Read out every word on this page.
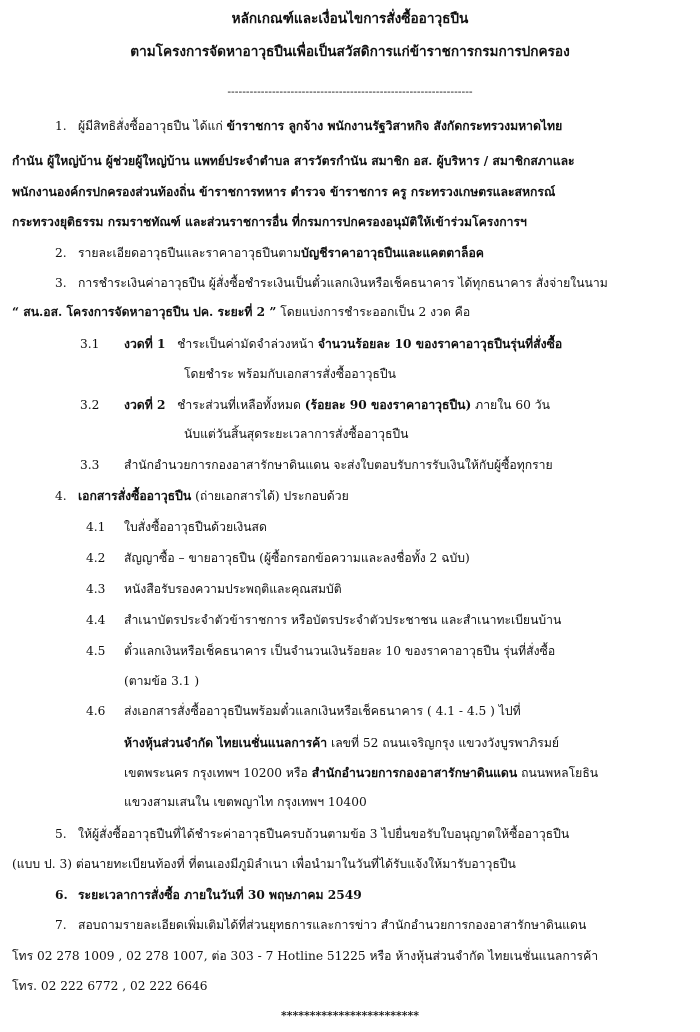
หลักเกณฑ์และเงื่อนไขการสั่งซื้ออาวุธปืน
ตามโครงการจัดหาอาวุธปืนเพื่อเป็นสวัสดิการแก่ข้าราชการกรมการปกครอง
------------------------------------------------------------------
1. ผู้มีสิทธิสั่งซื้ออาวุธปืน ได้แก่ ข้าราชการ ลูกจ้าง พนักงานรัฐวิสาหกิจ สังกัดกระทรวงมหาดไทย
กำนัน ผู้ใหญ่บ้าน ผู้ช่วยผู้ใหญ่บ้าน แพทย์ประจำตำบล สารวัตรกำนัน สมาชิก อส. ผู้บริหาร / สมาชิกสภาและ
พนักงานองค์กรปกครองส่วนท้องถิ่น ข้าราชการทหาร ตำรวจ ข้าราชการ ครู กระทรวงเกษตรและสหกรณ์
กระทรวงยุติธรรม กรมราชทัณฑ์ และส่วนราชการอื่น ที่กรมการปกครองอนุมัติให้เข้าร่วมโครงการฯ
2. รายละเอียดอาวุธปืนและราคาอาวุธปืนตามบัญชีราคาอาวุธปืนและแคตตาล็อค
3. การชำระเงินค่าอาวุธปืน ผู้สั่งซื้อชำระเงินเป็นตั๋วแลกเงินหรือเช็คธนาคาร ได้ทุกธนาคาร สั่งจ่ายในนาม
“ สน.อส. โครงการจัดหาอาวุธปืน ปค. ระยะที่ 2 ” โดยแบ่งการชำระออกเป็น 2 งวด คือ
3.1 งวดที่ 1 ชำระเป็นค่ามัดจำล่วงหน้า จำนวนร้อยละ 10 ของราคาอาวุธปืนรุ่นที่สั่งซื้อ
โดยชำระ พร้อมกับเอกสารสั่งซื้ออาวุธปืน
3.2 งวดที่ 2 ชำระส่วนที่เหลือทั้งหมด (ร้อยละ 90 ของราคาอาวุธปืน) ภายใน 60 วัน
นับแต่วันสิ้นสุดระยะเวลาการสั่งซื้ออาวุธปืน
3.3 สำนักอำนวยการกองอาสารักษาดินแดน จะส่งใบตอบรับการรับเงินให้กับผู้ซื้อทุกราย
4. เอกสารสั่งซื้ออาวุธปืน (ถ่ายเอกสารได้) ประกอบด้วย
4.1 ใบสั่งซื้ออาวุธปืนด้วยเงินสด
4.2 สัญญาซื้อ – ขายอาวุธปืน (ผู้ซื้อกรอกข้อความและลงชื่อทั้ง 2 ฉบับ)
4.3 หนังสือรับรองความประพฤติและคุณสมบัติ
4.4 สำเนาบัตรประจำตัวข้าราชการ หรือบัตรประจำตัวประชาชน และสำเนาทะเบียนบ้าน
4.5 ตั๋วแลกเงินหรือเช็คธนาคาร เป็นจำนวนเงินร้อยละ 10 ของราคาอาวุธปืน รุ่นที่สั่งซื้อ
(ตามข้อ 3.1 )
4.6 ส่งเอกสารสั่งซื้ออาวุธปืนพร้อมตั๋วแลกเงินหรือเช็คธนาคาร ( 4.1 - 4.5 ) ไปที่
ห้างหุ้นส่วนจำกัด ไทยเนชั่นแนลการค้า เลขที่ 52 ถนนเจริญกรุง แขวงวังบูรพาภิรมย์
เขตพระนคร กรุงเทพฯ 10200 หรือ สำนักอำนวยการกองอาสารักษาดินแดน ถนนพหลโยธิน
แขวงสามเสนใน เขตพญาไท กรุงเทพฯ 10400
5. ให้ผู้สั่งซื้ออาวุธปืนที่ได้ชำระค่าอาวุธปืนครบถ้วนตามข้อ 3 ไปยื่นขอรับใบอนุญาตให้ซื้ออาวุธปืน
(แบบ ป. 3) ต่อนายทะเบียนท้องที่ ที่ตนเองมีภูมิลำเนา เพื่อนำมาในวันที่ได้รับแจ้งให้มารับอาวุธปืน
6. ระยะเวลาการสั่งซื้อ ภายในวันที่ 30 พฤษภาคม 2549
7. สอบถามรายละเอียดเพิ่มเติมได้ที่ส่วนยุทธการและการข่าว สำนักอำนวยการกองอาสารักษาดินแดน
โทร 02 278 1009 , 02 278 1007, ต่อ 303 - 7 Hotline 51225 หรือ ห้างหุ้นส่วนจำกัด ไทยเนชั่นแนลการค้า
โทร. 02 222 6772 , 02 222 6646
************************
